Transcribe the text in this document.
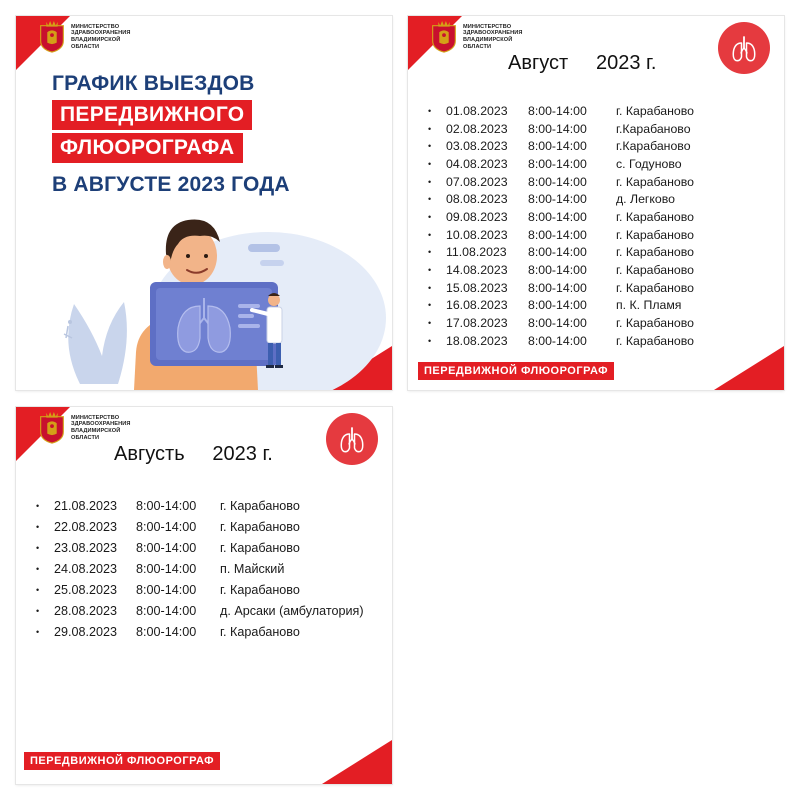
МИНИСТЕРСТВО
ЗДРАВООХРАНЕНИЯ
ВЛАДИМИРСКОЙ
ОБЛАСТИ
ГРАФИК ВЫЕЗДОВ
ПЕРЕДВИЖНОГО
ФЛЮОРОГРАФА
В АВГУСТЕ 2023 ГОДА
МИНИСТЕРСТВО
ЗДРАВООХРАНЕНИЯ
ВЛАДИМИРСКОЙ
ОБЛАСТИ
Август     2023 г.
•	01.08.2023	8:00-14:00	г. Карабаново
•	02.08.2023	8:00-14:00	г.Карабаново
•	03.08.2023	8:00-14:00	г.Карабаново
•	04.08.2023	8:00-14:00	с. Годуново
•	07.08.2023	8:00-14:00	г. Карабаново
•	08.08.2023	8:00-14:00	д. Легково
•	09.08.2023	8:00-14:00	г. Карабаново
•	10.08.2023	8:00-14:00	г. Карабаново
•	11.08.2023	8:00-14:00	г. Карабаново
•	14.08.2023	8:00-14:00	г. Карабаново
•	15.08.2023	8:00-14:00	г. Карабаново
•	16.08.2023	8:00-14:00	п. К. Пламя
•	17.08.2023	8:00-14:00	г. Карабаново
•	18.08.2023	8:00-14:00	г. Карабаново
ПЕРЕДВИЖНОЙ ФЛЮОРОГРАФ
МИНИСТЕРСТВО
ЗДРАВООХРАНЕНИЯ
ВЛАДИМИРСКОЙ
ОБЛАСТИ
Августь     2023 г.
•	21.08.2023	8:00-14:00	г. Карабаново
•	22.08.2023	8:00-14:00	г. Карабаново
•	23.08.2023	8:00-14:00	г. Карабаново
•	24.08.2023	8:00-14:00	п. Майский
•	25.08.2023	8:00-14:00	г. Карабаново
•	28.08.2023	8:00-14:00	д. Арсаки (амбулатория)
•	29.08.2023	8:00-14:00	г. Карабаново
ПЕРЕДВИЖНОЙ ФЛЮОРОГРАФ
